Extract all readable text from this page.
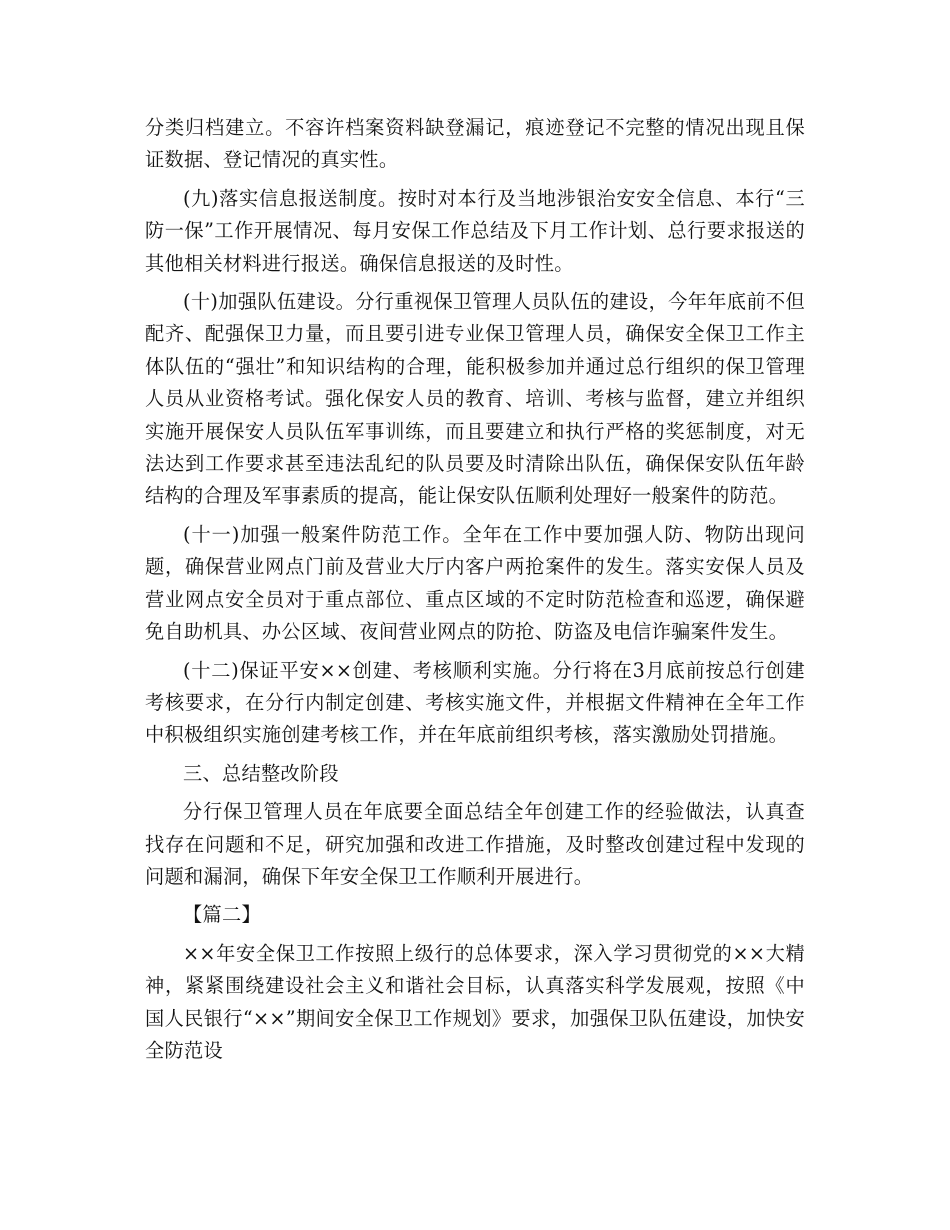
分类归档建立。不容许档案资料缺登漏记，痕迹登记不完整的情况出现且保证数据、登记情况的真实性。

(九)落实信息报送制度。按时对本行及当地涉银治安安全信息、本行“三防一保”工作开展情况、每月安保工作总结及下月工作计划、总行要求报送的其他相关材料进行报送。确保信息报送的及时性。

(十)加强队伍建设。分行重视保卫管理人员队伍的建设，今年年底前不但配齐、配强保卫力量，而且要引进专业保卫管理人员，确保安全保卫工作主体队伍的“强壮”和知识结构的合理，能积极参加并通过总行组织的保卫管理人员从业资格考试。强化保安人员的教育、培训、考核与监督，建立并组织实施开展保安人员队伍军事训练，而且要建立和执行严格的奖惩制度，对无法达到工作要求甚至违法乱纪的队员要及时清除出队伍，确保保安队伍年龄结构的合理及军事素质的提高，能让保安队伍顺利处理好一般案件的防范。

(十一)加强一般案件防范工作。全年在工作中要加强人防、物防出现问题，确保营业网点门前及营业大厅内客户两抢案件的发生。落实安保人员及营业网点安全员对于重点部位、重点区域的不定时防范检查和巡逻，确保避免自助机具、办公区域、夜间营业网点的防抢、防盗及电信诈骗案件发生。

(十二)保证平安××创建、考核顺利实施。分行将在3月底前按总行创建考核要求，在分行内制定创建、考核实施文件，并根据文件精神在全年工作中积极组织实施创建考核工作，并在年底前组织考核，落实激励处罚措施。

三、总结整改阶段

分行保卫管理人员在年底要全面总结全年创建工作的经验做法，认真查找存在问题和不足，研究加强和改进工作措施，及时整改创建过程中发现的问题和漏洞，确保下年安全保卫工作顺利开展进行。

【篇二】

××年安全保卫工作按照上级行的总体要求，深入学习贯彻党的××大精神，紧紧围绕建设社会主义和谐社会目标，认真落实科学发展观，按照《中国人民银行“××”期间安全保卫工作规划》要求，加强保卫队伍建设，加快安全防范设
